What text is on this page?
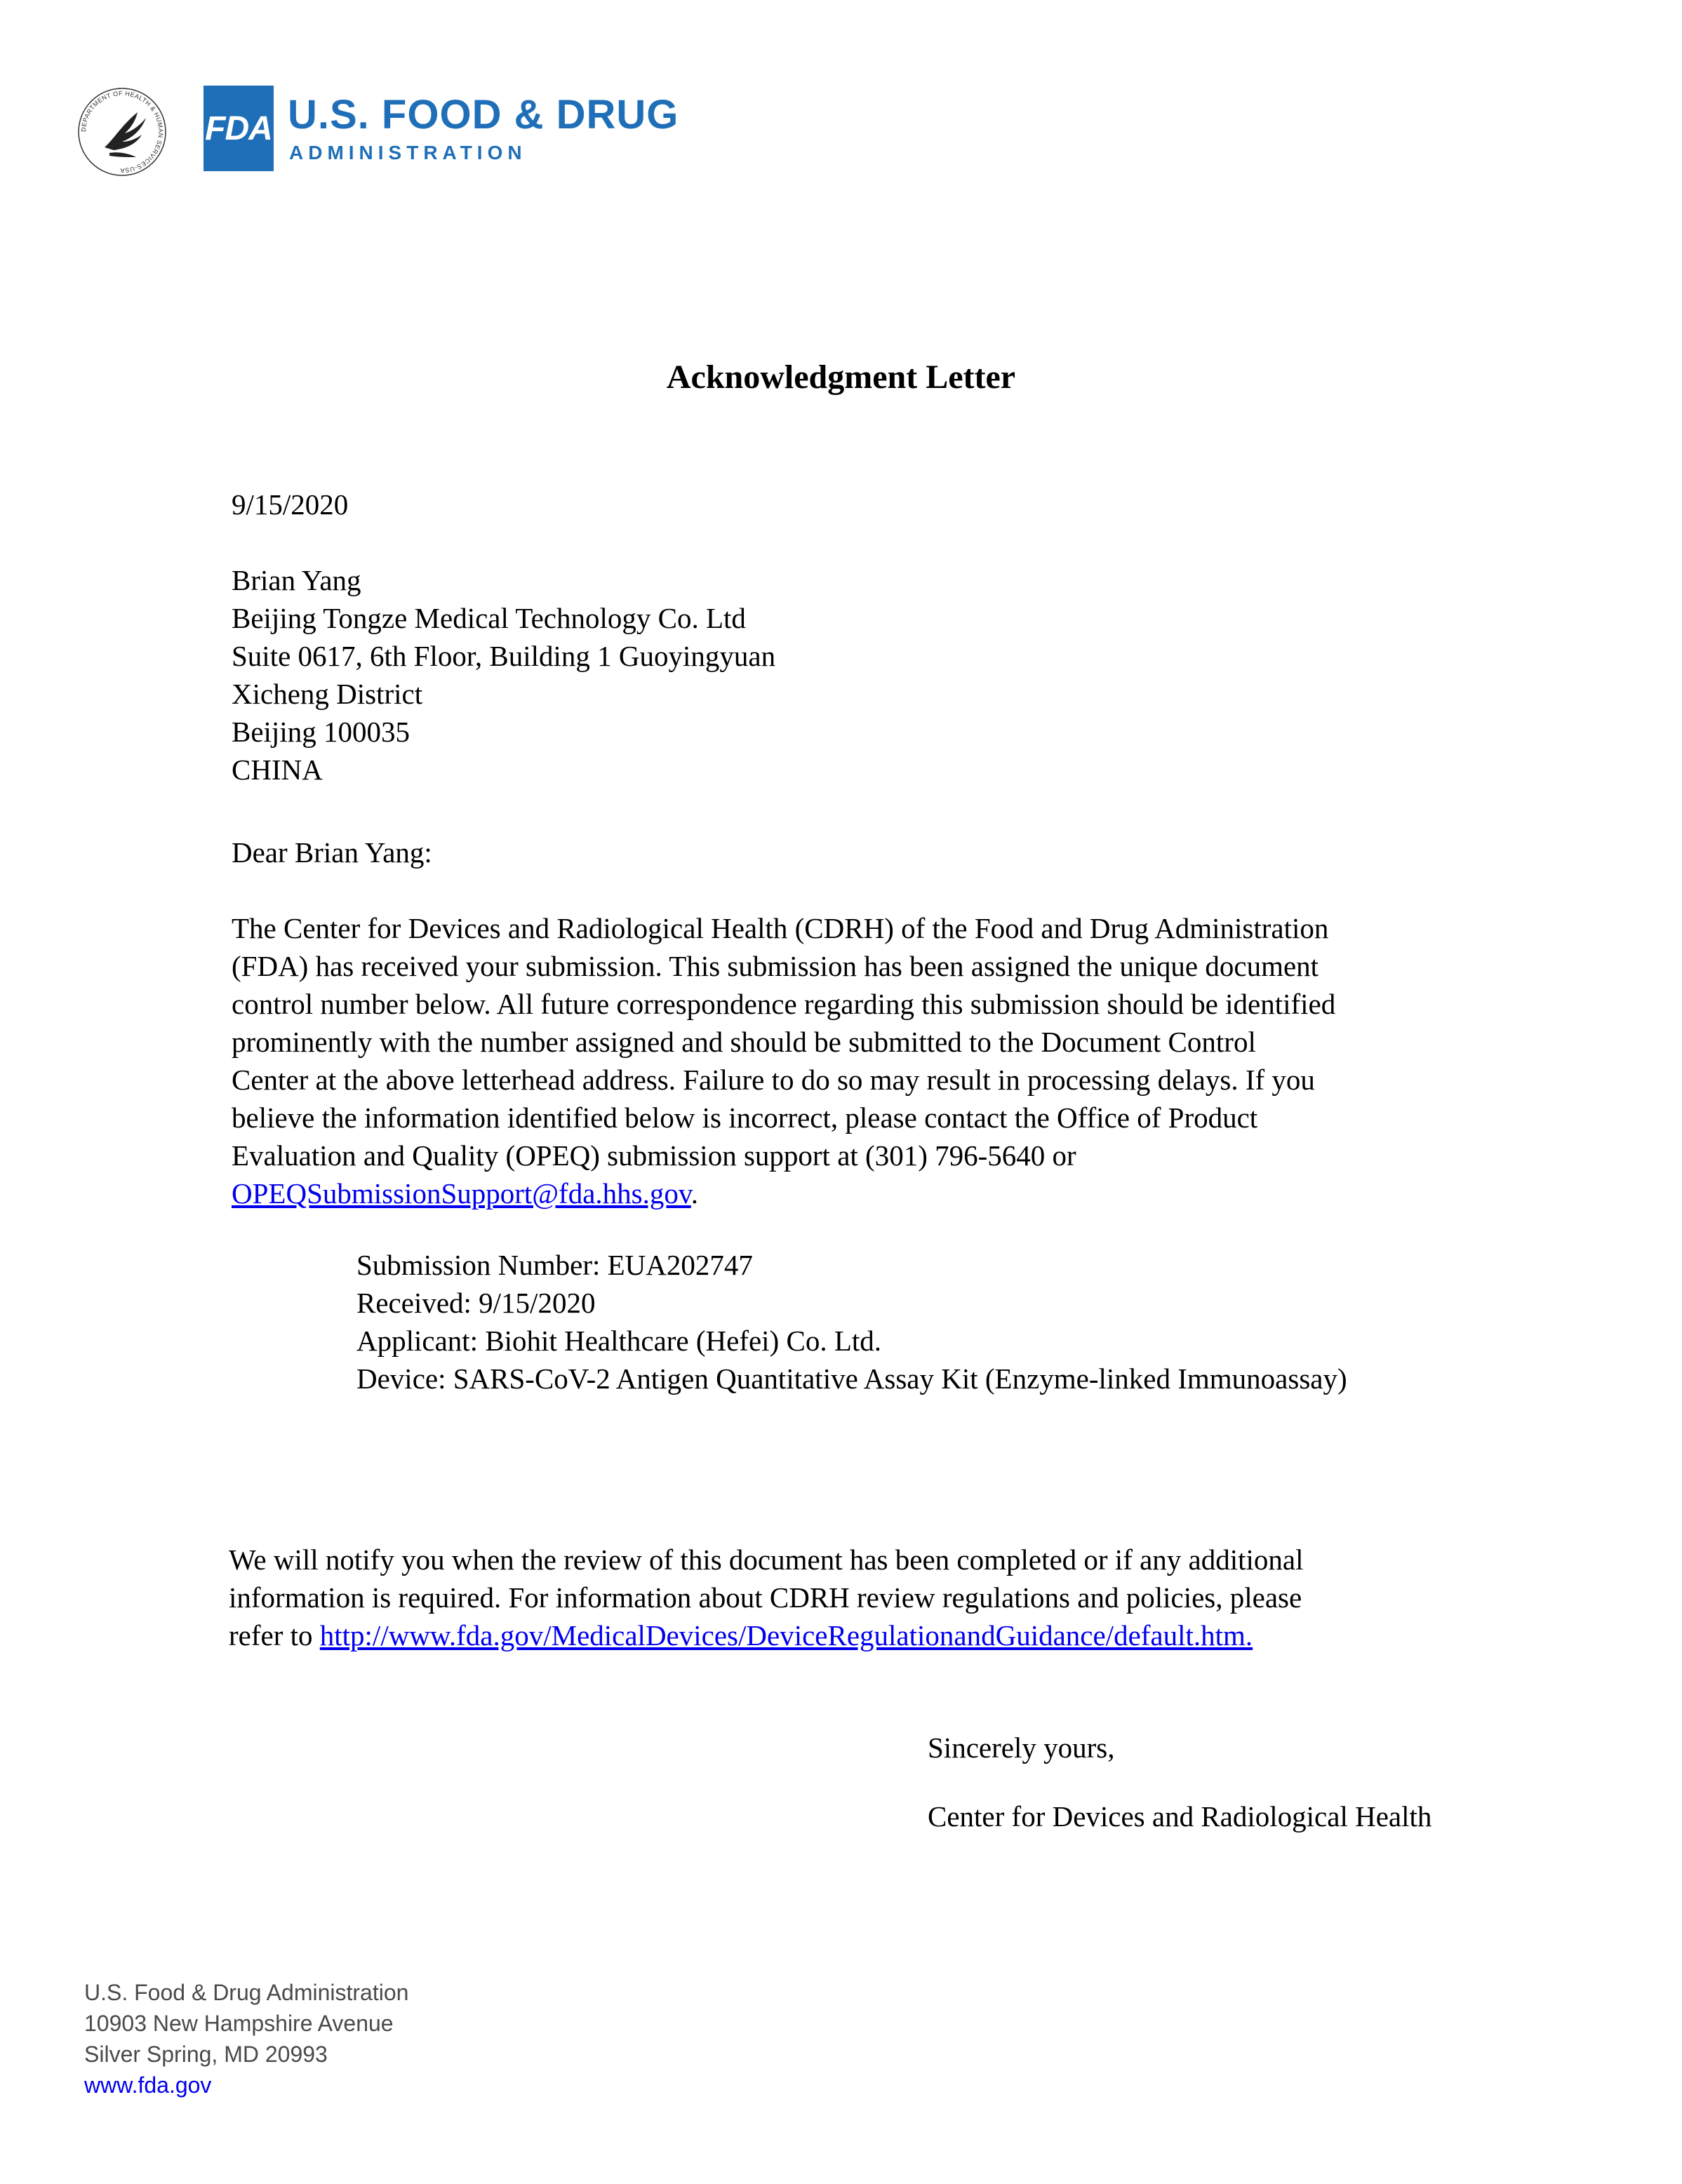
DEPARTMENT OF HEALTH & HUMAN SERVICES-USA
FDA U.S. FOOD & DRUG
ADMINISTRATION
Acknowledgment Letter
9/15/2020
Brian Yang
Beijing Tongze Medical Technology Co. Ltd
Suite 0617, 6th Floor, Building 1 Guoyingyuan
Xicheng District
Beijing 100035
CHINA
Dear Brian Yang:
The Center for Devices and Radiological Health (CDRH) of the Food and Drug Administration
(FDA) has received your submission. This submission has been assigned the unique document
control number below. All future correspondence regarding this submission should be identified
prominently with the number assigned and should be submitted to the Document Control
Center at the above letterhead address. Failure to do so may result in processing delays. If you
believe the information identified below is incorrect, please contact the Office of Product
Evaluation and Quality (OPEQ) submission support at (301) 796-5640 or
OPEQSubmissionSupport@fda.hhs.gov.
Submission Number: EUA202747
Received: 9/15/2020
Applicant: Biohit Healthcare (Hefei) Co. Ltd.
Device: SARS-CoV-2 Antigen Quantitative Assay Kit (Enzyme-linked Immunoassay)
We will notify you when the review of this document has been completed or if any additional
information is required. For information about CDRH review regulations and policies, please
refer to http://www.fda.gov/MedicalDevices/DeviceRegulationandGuidance/default.htm.
Sincerely yours,
Center for Devices and Radiological Health
U.S. Food & Drug Administration
10903 New Hampshire Avenue
Silver Spring, MD 20993
www.fda.gov
